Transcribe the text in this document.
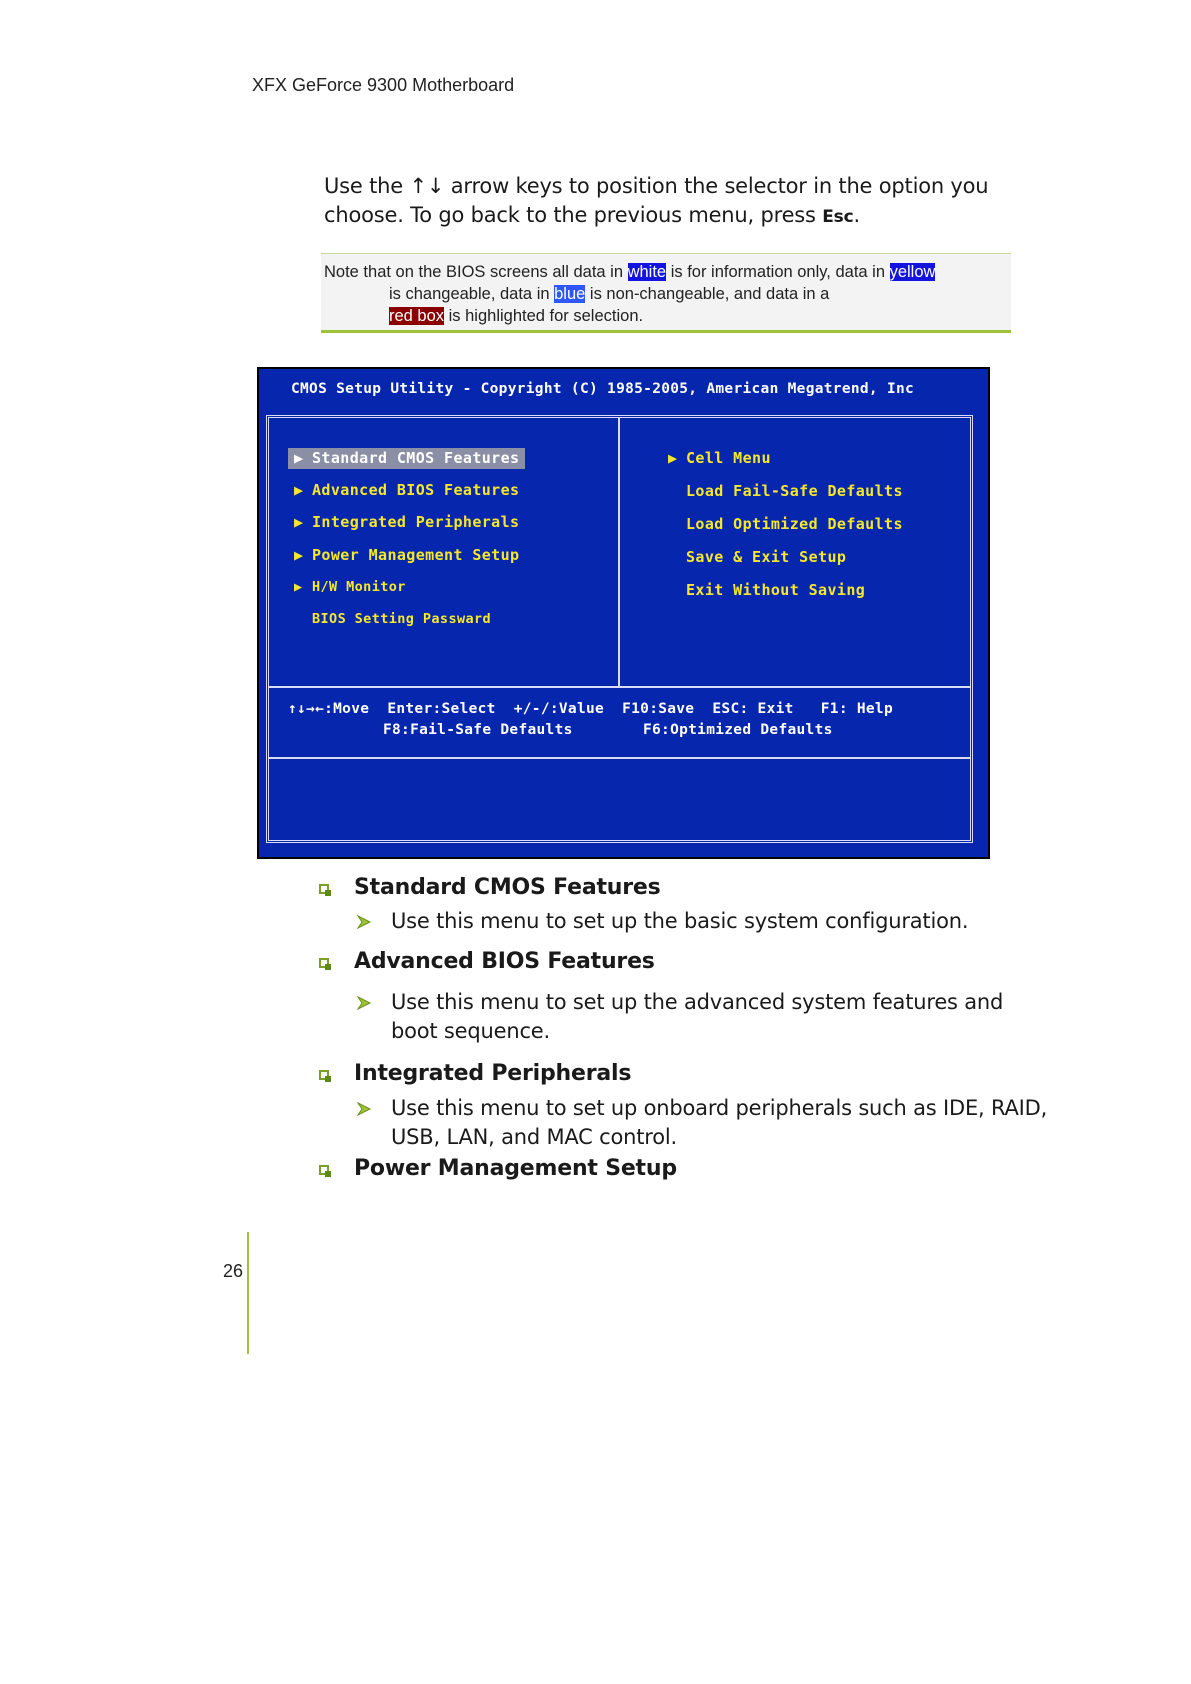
XFX GeForce 9300 Motherboard
Use the ↑↓ arrow keys to position the selector in the option you
choose. To go back to the previous menu, press Esc.
Note that on the BIOS screens all data in white is for information only, data in yellow
is changeable, data in blue is non-changeable, and data in a
red box is highlighted for selection.
CMOS Setup Utility - Copyright (C) 1985-2005, American Megatrend, Inc
▶ Standard CMOS Features
▶ Advanced BIOS Features
▶ Integrated Peripherals
▶ Power Management Setup
▶ H/W Monitor
BIOS Setting Passward
▶ Cell Menu
Load Fail-Safe Defaults
Load Optimized Defaults
Save & Exit Setup
Exit Without Saving
↑↓→←:Move  Enter:Select  +/-/:Value  F10:Save  ESC: Exit   F1: Help
F8:Fail-Safe Defaults	F6:Optimized Defaults
Standard CMOS Features
Use this menu to set up the basic system configuration.
Advanced BIOS Features
Use this menu to set up the advanced system features and
boot sequence.
Integrated Peripherals
Use this menu to set up onboard peripherals such as IDE, RAID,
USB, LAN, and MAC control.
Power Management Setup
26
